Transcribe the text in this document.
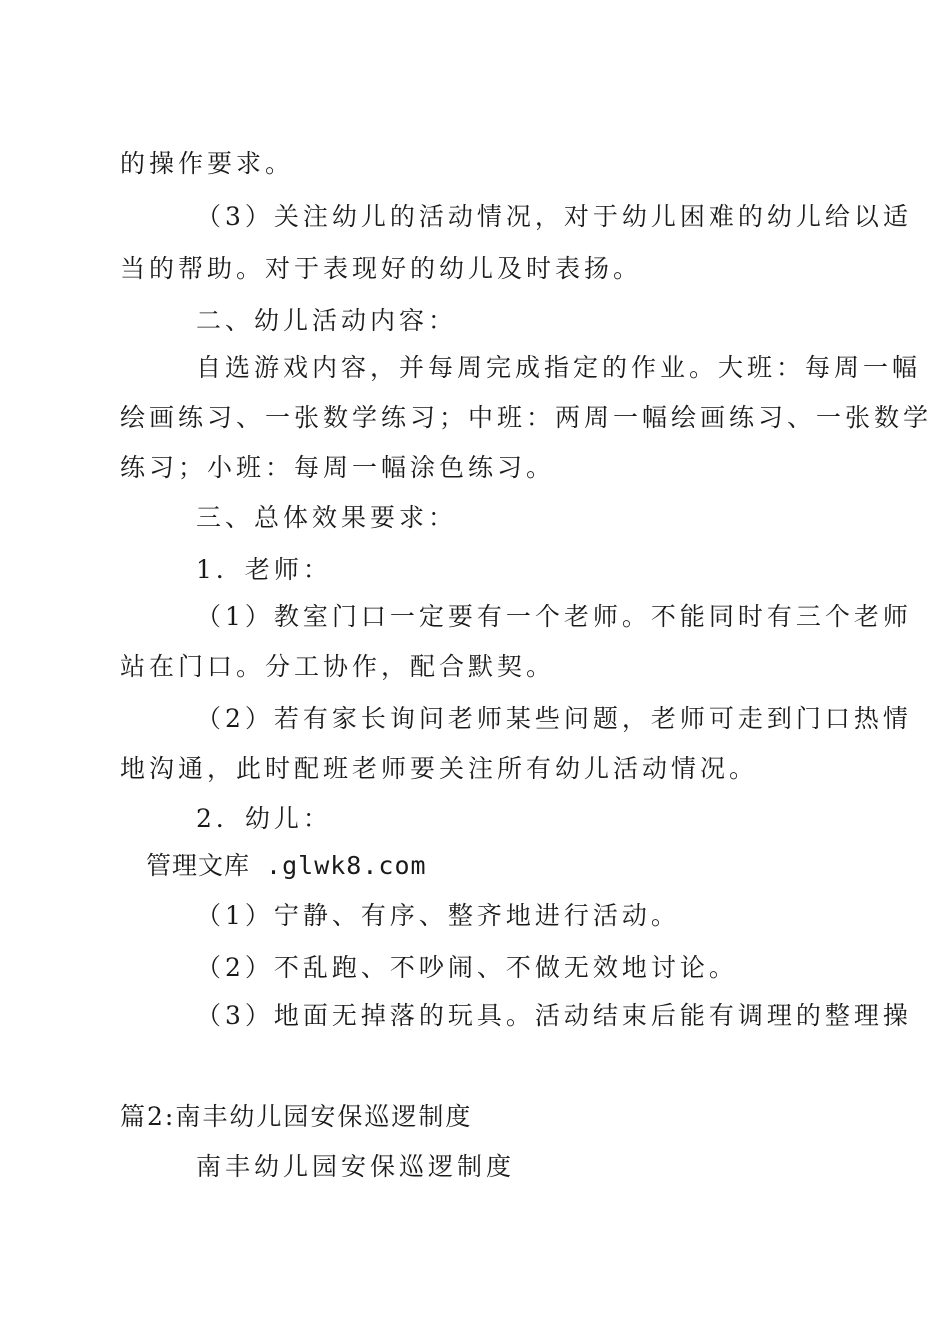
的操作要求。
（3）关注幼儿的活动情况，对于幼儿困难的幼儿给以适
当的帮助。对于表现好的幼儿及时表扬。
二、幼儿活动内容：
自选游戏内容，并每周完成指定的作业。大班：每周一幅
绘画练习、一张数学练习；中班：两周一幅绘画练习、一张数学
练习；小班：每周一幅涂色练习。
三、总体效果要求：
1．老师：
（1）教室门口一定要有一个老师。不能同时有三个老师
站在门口。分工协作，配合默契。
（2）若有家长询问老师某些问题，老师可走到门口热情
地沟通，此时配班老师要关注所有幼儿活动情况。
2．幼儿：
管理文库 .glwk8.com
（1）宁静、有序、整齐地进行活动。
（2）不乱跑、不吵闹、不做无效地讨论。
（3）地面无掉落的玩具。活动结束后能有调理的整理操
篇2:南丰幼儿园安保巡逻制度
南丰幼儿园安保巡逻制度
